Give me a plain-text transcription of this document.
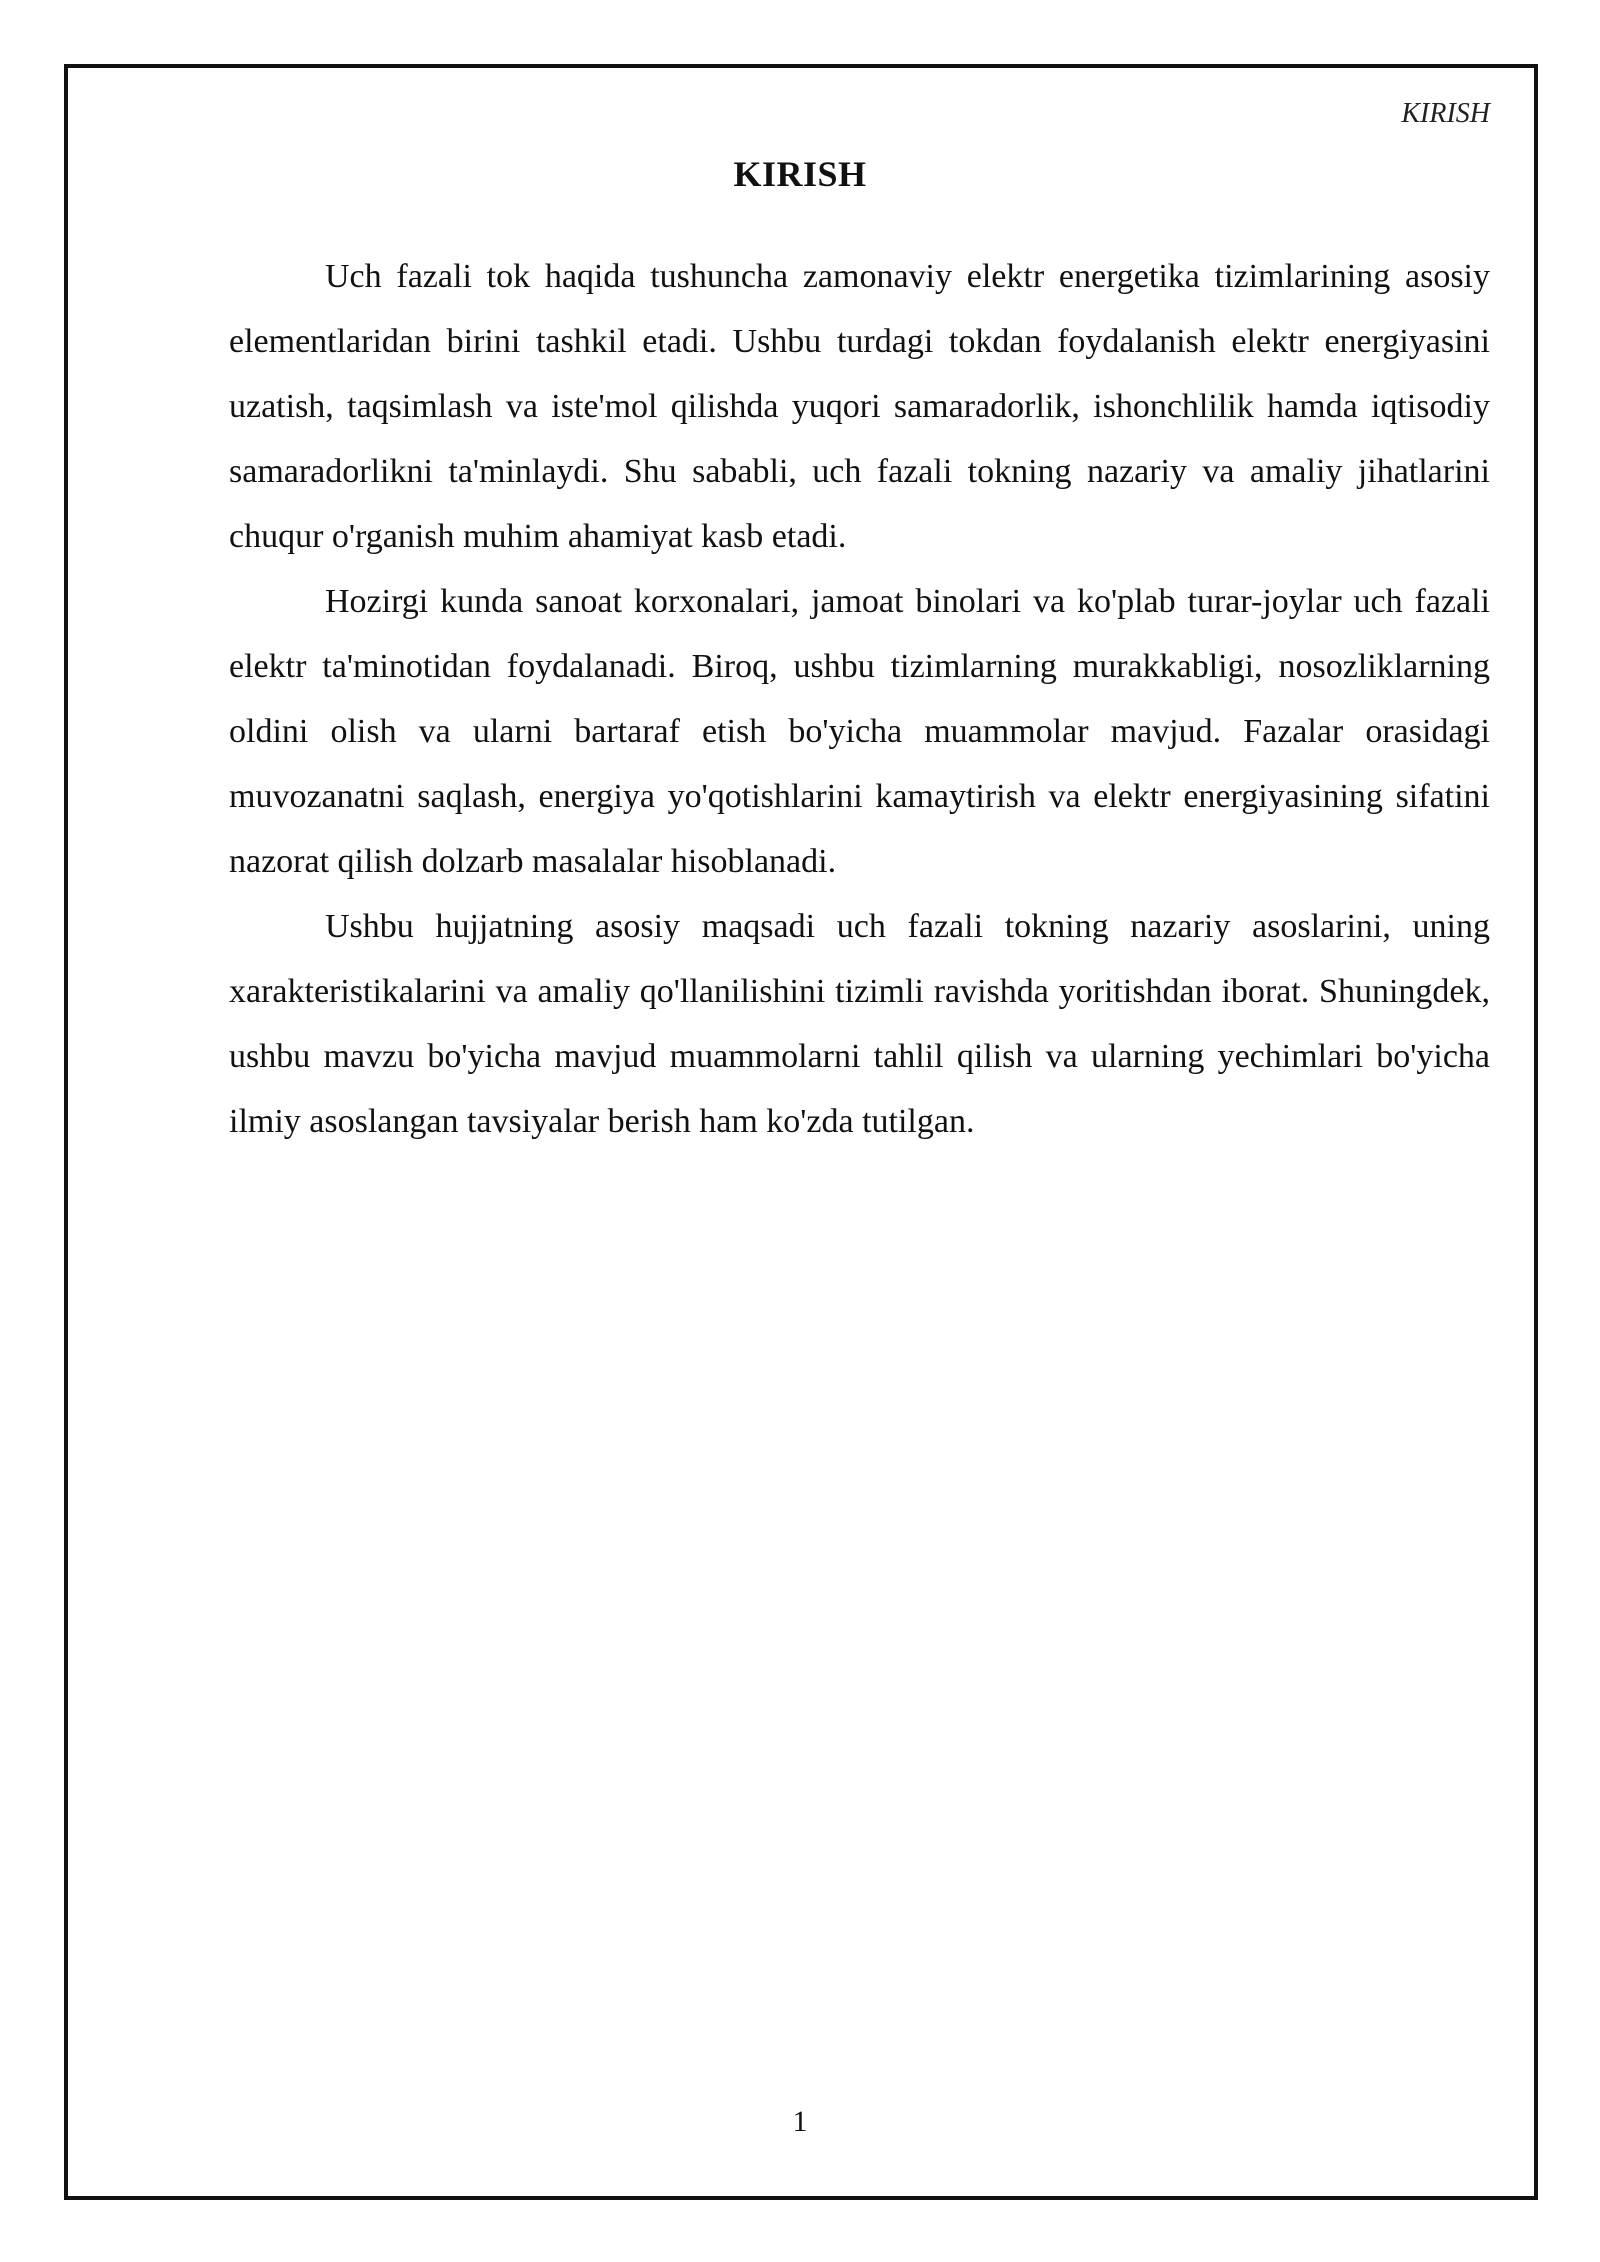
KIRISH
KIRISH

Uch fazali tok haqida tushuncha zamonaviy elektr energetika tizimlarining asosiy elementlaridan birini tashkil etadi. Ushbu turdagi tokdan foydalanish elektr energiyasini uzatish, taqsimlash va iste'mol qilishda yuqori samaradorlik, ishonchlilik hamda iqtisodiy samaradorlikni ta'minlaydi. Shu sababli, uch fazali tokning nazariy va amaliy jihatlarini chuqur o'rganish muhim ahamiyat kasb etadi.

Hozirgi kunda sanoat korxonalari, jamoat binolari va ko'plab turar-joylar uch fazali elektr ta'minotidan foydalanadi. Biroq, ushbu tizimlarning murakkabligi, nosozliklarning oldini olish va ularni bartaraf etish bo'yicha muammolar mavjud. Fazalar orasidagi muvozanatni saqlash, energiya yo'qotishlarini kamaytirish va elektr energiyasining sifatini nazorat qilish dolzarb masalalar hisoblanadi.

Ushbu hujjatning asosiy maqsadi uch fazali tokning nazariy asoslarini, uning xarakteristikalarini va amaliy qo'llanilishini tizimli ravishda yoritishdan iborat. Shuningdek, ushbu mavzu bo'yicha mavjud muammolarni tahlil qilish va ularning yechimlari bo'yicha ilmiy asoslangan tavsiyalar berish ham ko'zda tutilgan.

1
